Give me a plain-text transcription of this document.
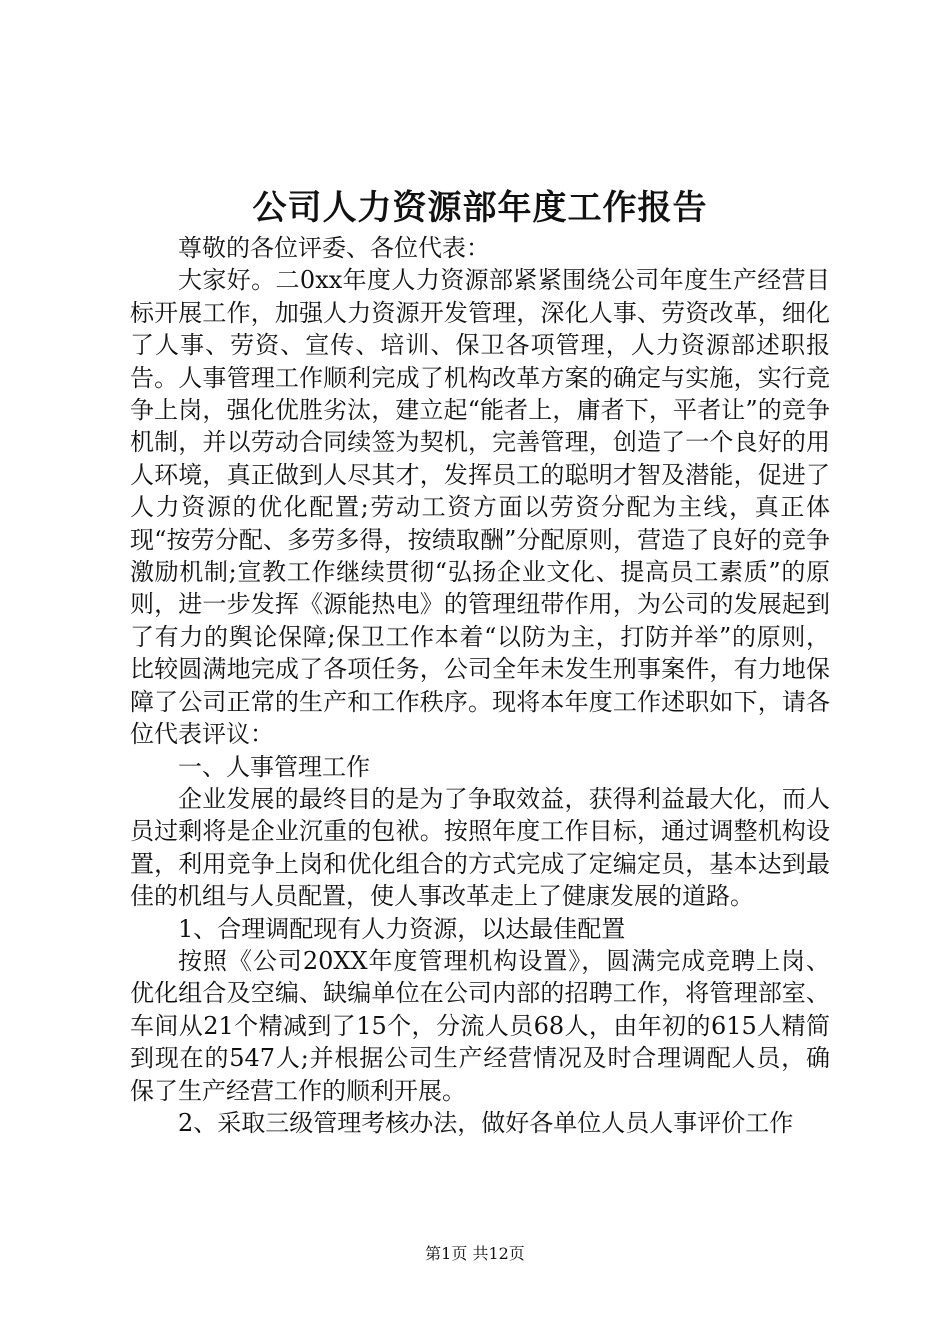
公司人力资源部年度工作报告

尊敬的各位评委、各位代表：

大家好。二0xx年度人力资源部紧紧围绕公司年度生产经营目标开展工作，加强人力资源开发管理，深化人事、劳资改革，细化了人事、劳资、宣传、培训、保卫各项管理，人力资源部述职报告。人事管理工作顺利完成了机构改革方案的确定与实施，实行竞争上岗，强化优胜劣汰，建立起“能者上，庸者下，平者让”的竞争机制，并以劳动合同续签为契机，完善管理，创造了一个良好的用人环境，真正做到人尽其才，发挥员工的聪明才智及潜能，促进了人力资源的优化配置;劳动工资方面以劳资分配为主线，真正体现“按劳分配、多劳多得，按绩取酬”分配原则，营造了良好的竞争激励机制;宣教工作继续贯彻“弘扬企业文化、提高员工素质”的原则，进一步发挥《源能热电》的管理纽带作用，为公司的发展起到了有力的舆论保障;保卫工作本着“以防为主，打防并举”的原则，比较圆满地完成了各项任务，公司全年未发生刑事案件，有力地保障了公司正常的生产和工作秩序。现将本年度工作述职如下，请各位代表评议：

一、人事管理工作

企业发展的最终目的是为了争取效益，获得利益最大化，而人员过剩将是企业沉重的包袱。按照年度工作目标，通过调整机构设置，利用竞争上岗和优化组合的方式完成了定编定员，基本达到最佳的机组与人员配置，使人事改革走上了健康发展的道路。

1、合理调配现有人力资源，以达最佳配置

按照《公司20XX年度管理机构设置》，圆满完成竞聘上岗、优化组合及空编、缺编单位在公司内部的招聘工作，将管理部室、车间从21个精减到了15个，分流人员68人，由年初的615人精简到现在的547人;并根据公司生产经营情况及时合理调配人员，确保了生产经营工作的顺利开展。

2、采取三级管理考核办法，做好各单位人员人事评价工作

第1页 共12页
